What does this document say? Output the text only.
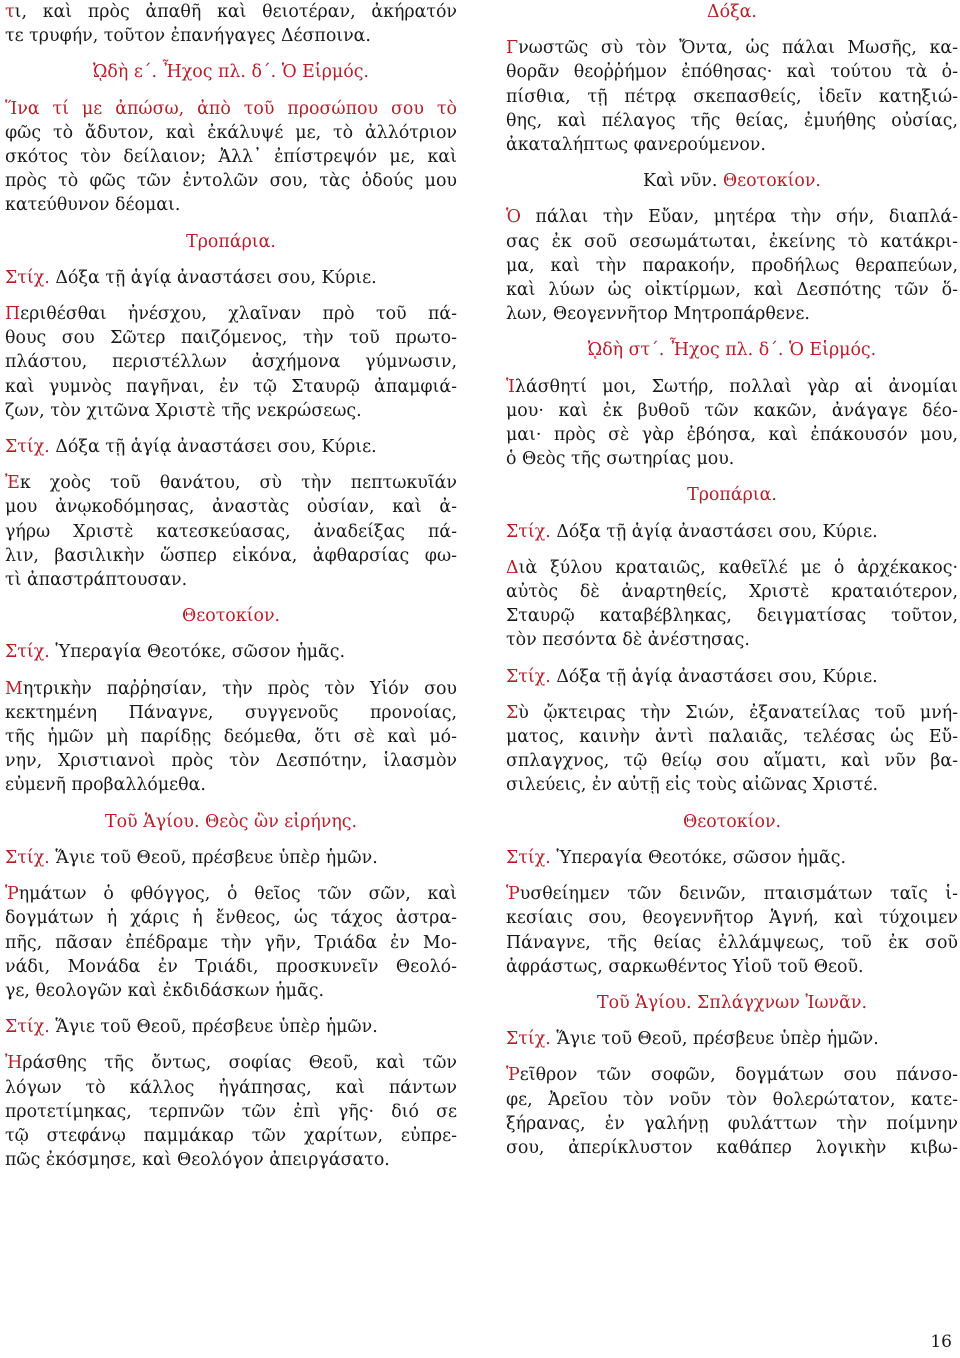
τι, καὶ πρὸς ἀπαθῆ καὶ θειοτέραν, ἀκήρατόν
τε τρυφήν, τοῦτον ἐπανήγαγες Δέσποινα.
ᾨδὴ ε΄. Ἦχος πλ. δ΄. Ὁ Εἱρμός.
Ἵνα τί με ἀπώσω, ἀπὸ τοῦ προσώπου σου τὸ
φῶς τὸ ἄδυτον, καὶ ἐκάλυψέ με, τὸ ἀλλότριον
σκότος τὸν δείλαιον; Ἀλλ᾽ ἐπίστρεψόν με, καὶ
πρὸς τὸ φῶς τῶν ἐντολῶν σου, τὰς ὁδούς μου
κατεύθυνον δέομαι.
Τροπάρια.
Στίχ. Δόξα τῇ ἁγίᾳ ἀναστάσει σου, Κύριε.
Περιθέσθαι ἠνέσχου, χλαῖναν πρὸ τοῦ πά-
θους σου Σῶτερ παιζόμενος, τὴν τοῦ πρωτο-
πλάστου, περιστέλλων ἀσχήμονα γύμνωσιν,
καὶ γυμνὸς παγῆναι, ἐν τῷ Σταυρῷ ἀπαμφιά-
ζων, τὸν χιτῶνα Χριστὲ τῆς νεκρώσεως.
Στίχ. Δόξα τῇ ἁγίᾳ ἀναστάσει σου, Κύριε.
Ἐκ χοὸς τοῦ θανάτου, σὺ τὴν πεπτωκυῖάν
μου ἀνῳκοδόμησας, ἀναστὰς οὐσίαν, καὶ ἀ-
γήρω Χριστὲ κατεσκεύασας, ἀναδείξας πά-
λιν, βασιλικὴν ὥσπερ εἰκόνα, ἀφθαρσίας φω-
τὶ ἀπαστράπτουσαν.
Θεοτοκίον.
Στίχ. Ὑπεραγία Θεοτόκε, σῶσον ἡμᾶς.
Μητρικὴν παῤῥησίαν, τὴν πρὸς τὸν Υἱόν σου
κεκτημένη Πάναγνε, συγγενοῦς προνοίας,
τῆς ἡμῶν μὴ παρίδῃς δεόμεθα, ὅτι σὲ καὶ μό-
νην, Χριστιανοὶ πρὸς τὸν Δεσπότην, ἱλασμὸν
εὐμενῆ προβαλλόμεθα.
Τοῦ Ἁγίου. Θεὸς ὢν εἰρήνης.
Στίχ. Ἅγιε τοῦ Θεοῦ, πρέσβευε ὑπὲρ ἡμῶν.
Ῥημάτων ὁ φθόγγος, ὁ θεῖος τῶν σῶν, καὶ
δογμάτων ἡ χάρις ἡ ἔνθεος, ὡς τάχος ἀστρα-
πῆς, πᾶσαν ἐπέδραμε τὴν γῆν, Τριάδα ἐν Μο-
νάδι, Μονάδα ἐν Τριάδι, προσκυνεῖν Θεολό-
γε, θεολογῶν καὶ ἐκδιδάσκων ἡμᾶς.
Στίχ. Ἅγιε τοῦ Θεοῦ, πρέσβευε ὑπὲρ ἡμῶν.
Ἠράσθης τῆς ὄντως, σοφίας Θεοῦ, καὶ τῶν
λόγων τὸ κάλλος ἠγάπησας, καὶ πάντων
προτετίμηκας, τερπνῶν τῶν ἐπὶ γῆς· διό σε
τῷ στεφάνῳ παμμάκαρ τῶν χαρίτων, εὐπρε-
πῶς ἐκόσμησε, καὶ Θεολόγον ἀπειργάσατο.
Δόξα.
Γνωστῶς σὺ τὸν Ὄντα, ὡς πάλαι Μωσῆς, κα-
θορᾶν θεοῤῥήμον ἐπόθησας· καὶ τούτου τὰ ὀ-
πίσθια, τῇ πέτρᾳ σκεπασθείς, ἰδεῖν κατηξιώ-
θης, καὶ πέλαγος τῆς θείας, ἐμυήθης οὐσίας,
ἀκαταλήπτως φανερούμενον.
Καὶ νῦν. Θεοτοκίον.
Ὁ πάλαι τὴν Εὔαν, μητέρα τὴν σήν, διαπλά-
σας ἐκ σοῦ σεσωμάτωται, ἐκείνης τὸ κατάκρι-
μα, καὶ τὴν παρακοήν, προδήλως θεραπεύων,
καὶ λύων ὡς οἰκτίρμων, καὶ Δεσπότης τῶν ὅ-
λων, Θεογεννῆτορ Μητροπάρθενε.
ᾨδὴ στ΄. Ἦχος πλ. δ΄. Ὁ Εἱρμός.
Ἱλάσθητί μοι, Σωτήρ, πολλαὶ γὰρ αἱ ἀνομίαι
μου· καὶ ἐκ βυθοῦ τῶν κακῶν, ἀνάγαγε δέο-
μαι· πρὸς σὲ γὰρ ἐβόησα, καὶ ἐπάκουσόν μου,
ὁ Θεὸς τῆς σωτηρίας μου.
Τροπάρια.
Στίχ. Δόξα τῇ ἁγίᾳ ἀναστάσει σου, Κύριε.
Διὰ ξύλου κραταιῶς, καθεῖλέ με ὁ ἀρχέκακος·
αὐτὸς δὲ ἀναρτηθείς, Χριστὲ κραταιότερον,
Σταυρῷ καταβέβληκας, δειγματίσας τοῦτον,
τὸν πεσόντα δὲ ἀνέστησας.
Στίχ. Δόξα τῇ ἁγίᾳ ἀναστάσει σου, Κύριε.
Σὺ ᾤκτειρας τὴν Σιών, ἐξανατείλας τοῦ μνή-
ματος, καινὴν ἀντὶ παλαιᾶς, τελέσας ὡς Εὔ-
σπλαγχνος, τῷ θείῳ σου αἵματι, καὶ νῦν βα-
σιλεύεις, ἐν αὐτῇ εἰς τοὺς αἰῶνας Χριστέ.
Θεοτοκίον.
Στίχ. Ὑπεραγία Θεοτόκε, σῶσον ἡμᾶς.
Ῥυσθείημεν τῶν δεινῶν, πταισμάτων ταῖς ἱ-
κεσίαις σου, θεογεννῆτορ Ἁγνή, καὶ τύχοιμεν
Πάναγνε, τῆς θείας ἐλλάμψεως, τοῦ ἐκ σοῦ
ἀφράστως, σαρκωθέντος Υἱοῦ τοῦ Θεοῦ.
Τοῦ Ἁγίου. Σπλάγχνων Ἰωνᾶν.
Στίχ. Ἅγιε τοῦ Θεοῦ, πρέσβευε ὑπὲρ ἡμῶν.
Ῥεῖθρον τῶν σοφῶν, δογμάτων σου πάνσο-
φε, Ἀρεῖου τὸν νοῦν τὸν θολερώτατον, κατε-
ξήρανας, ἐν γαλήνῃ φυλάττων τὴν ποίμνην
σου, ἀπερίκλυστον καθάπερ λογικὴν κιβω-
16
